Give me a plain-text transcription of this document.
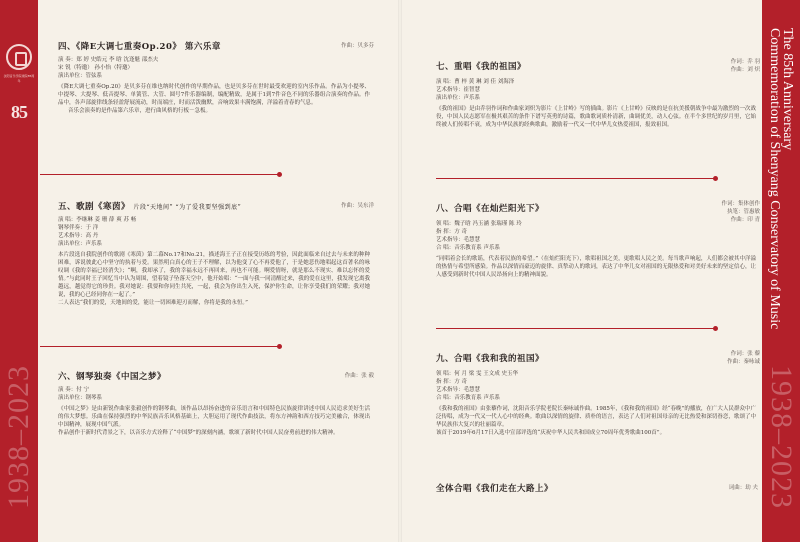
沈阳音乐学院建院85周年
85
1938–2023
四、《降E大调七重奏Op.20》 第六乐章	作曲：贝多芬
演 奏：郑 婷 史皓元 李 晗 沈逢魁 邵杰夫
宋 锐（特邀） 孙小怡（特邀）
演出单位：管弦系
《降E大调七重奏Op.20》是贝多芬在维也纳时代创作的早期作品，也是贝多芬在世时最受欢迎的室内乐作品。作品为小提琴、中提琴、大提琴、低音提琴、单簧管、大管、圆号7件乐器编制，编配精致，是属于1到7件音色不同的乐器组合演奏的作品。作品中，各声部旋律线条轻盈舒展流动，时而端庄，时而活泼幽默，音响效果丰满饱满，洋溢着青春的气息。
音乐会演奏的是作品第六乐章，进行曲风格的行板－急板。
五、歌剧《寒茵》 片段“天地间” “为了爱我要坚强到底”	作曲：吴东洋
演 唱：李继琳 姜 珊 薛 爽 苏 畅
钢琴伴奏：于 洋
艺术指导：高 丹
演出单位：声乐系
本片段选自我院创作的歌剧《寒茵》第二幕No.17和No.21，描述海王子正在接受历练的考验，因此面临来自过去与未来的种种困难，诉说彼此心中坚守的执着与爱。果然明白真心的王子不理解，以为他变了心不再爱他了，于是她悲伤地唱起这首著名的咏叹调《我的幸福已经消失》；“啊，我却承了，我的幸福永远不再回来，再也不可能。啊爱情呀，就是那么不现实、难以忘怀的爱情。”与此同时王子回忆当中认为周围，望着镜子坠落天空中，他开始唱：“一面与我一同清醒过来，我的爱在这里，我发现它离我越远，越觉得它的珍贵。我对她说：我要和你同生共死，一起，我会为你出生入死，保护你生命，让你享受我们的荣耀；我对她说，我的心已经同你在一起了。”
二人表达“我们的爱，天地间的爱，能让一切困难迎刃而解，你将是我的永恒。”
六、钢琴独奏《中国之梦》	作曲：张 毅
演 奏：付 宁
演出单位：钢琴系
《中国之梦》是由新锐作曲家张毅创作的钢琴曲，该作品以昂扬奋进的音乐语言和中国特色民族旋律讲述中国人民追求美好生活的伟大梦想。乐曲在保持强烈的中华民族音乐风格基础上，大胆运用了现代作曲技法，将东方神韵和西方技巧完美融合，体现出中国精神，展现中国气派。
作品创作于新时代背景之下，以音乐方式诠释了“中国梦”的深刻内涵，歌颂了新时代中国人民奋勇前进的伟大精神。
The 85th Anniversary
Commemoration of Shenyang Conservatory of Music
1938–2023
七、重唱《我的祖国》	作词：乔 羽
作曲：刘 炽
演 唱：曹 梓 黄 琳 刘 佳 刘海泽
艺术指导：崔智慧
演出单位：声乐系
《我的祖国》是由乔羽作词和作曲家刘炽为影片《上甘岭》写的插曲。影片《上甘岭》反映的是在抗美援朝战争中最为激烈的一次战役，中国人民志愿军在极其艰苦的条件下谱写英勇的诗篇，歌曲歌词质朴清新，曲调优美，动人心弦。在半个多世纪的岁月里，它始终被人们传唱不衰，成为中华民族的经典歌曲，激励着一代又一代中华儿女热爱祖国，报效祖国。
八、合唱《在灿烂阳光下》	作词：集体创作
执笔：管惠敏
作曲：印 青
领 唱：魏子晗 冯玉涵 张瑞瑾 陈 玲
指 挥：方 奇
艺术指导：毛慧慧
合 唱：音乐教育系 声乐系
“同唱着会长的歌谣，代表着民族的希望。”（在灿烂阳光下），歌唱祖国之美，更歌唱人民之美。每当歌声响起，人们都会被其中洋溢的热情与希望所感染。作品以深情而豪迈的旋律、真挚动人的歌词，表达了中华儿女对祖国的无限热爱和对美好未来的坚定信心，让人感受到新时代中国人民昂扬向上的精神面貌。
九、合唱《我和我的祖国》	作词：张 藜
作曲：秦咏诚
领 唱：何 月 梁 雯 王文成 史玉华
指 挥：方 奇
艺术指导：毛慧慧
合 唱：音乐教育系 声乐系
《我和我的祖国》由张藜作词，沈阳音乐学院老院长秦咏诚作曲。1985年，《我和我的祖国》经“春晚”的播放，在广大人民群众中广泛传唱，成为一代又一代人心中的经典。歌曲以深情的旋律、质朴的语言，表达了人们对祖国母亲的无比热爱和深切眷恋，歌颂了中华民族伟大复兴的壮丽篇章。
该首于2019年6月17日入选中宣部评选的“庆祝中华人民共和国成立70周年优秀歌曲100首”。
全体合唱《我们走在大路上》	词曲：劫 夫
